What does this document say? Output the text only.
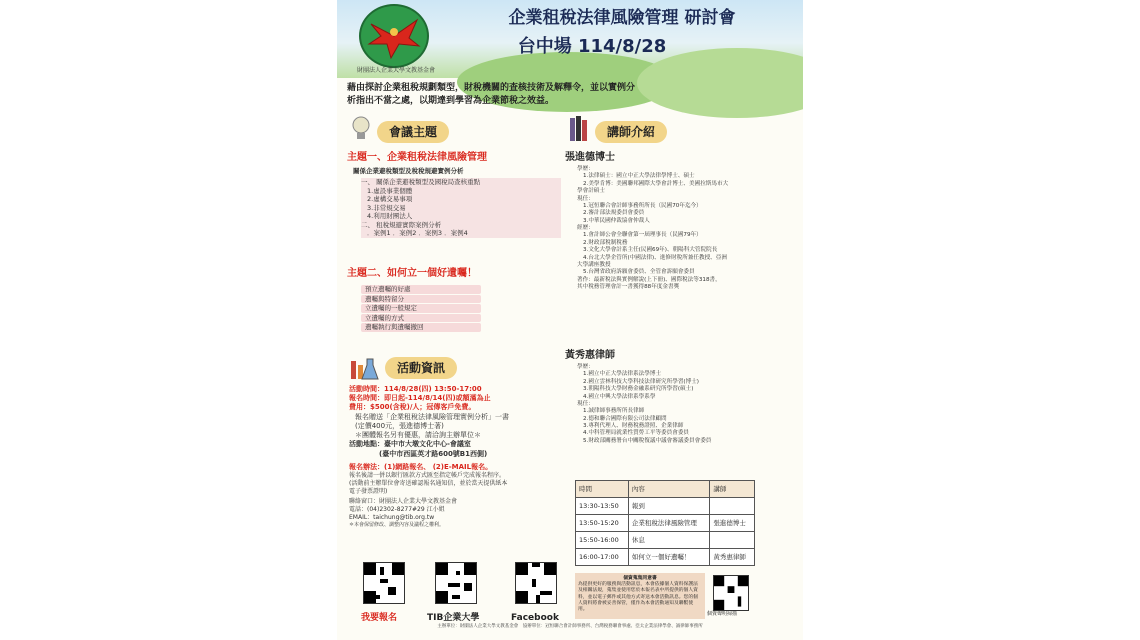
財團法人企業大學文教基金會
企業租稅法律風險管理 研討會
台中場 114/8/28
藉由探討企業租稅規劃類型，財稅機關的查核技術及解釋令，並以實例分析指出不當之處，以期達到學習為企業節稅之效益。
會議主題
主題一、企業租稅法律風險管理
關係企業避稅類型及稅稅規避實例分析
一、 關係企業避稅類型及國稅局查核重點
1.虛設事業個體
2.虛構交易事項
3.非常規交易
4.利用財團法人
二、 租稅規避實際案例分析
．案例1 ．案例2 ．案例3 ．案例4
主題二、如何立一個好遺囑！
預立遺囑的好處
遺囑與特留分
立遺囑的一般規定
立遺囑的方式
遺囑執行與遺囑撤回
活動資訊
活動時間：114/8/28(四) 13:50-17:00
報名時間：即日起-114/8/14(四)或額滿為止
費用：$500(含稅)/人；冠傳客戶免費。
報名贈送「企業租稅法律風險管理實例分析」一書
(定價400元，張進德博士著)
＊團體報名另有優惠，請洽詢主辦單位＊
活動地點：臺中市大墩文化中心-會議室
(臺中市西區英才路600號B1西側)
報名辦法：(1)網路報名、 (2)E-MAIL報名。
報名後請一併以銀行匯款方式匯至指定帳戶完成報名程序。
(活動前主辦單位會寄送確認報名通知信，並於當天提供紙本
電子發票證明)
聯絡窗口：財團法人企業大學文教基金會
電話：(04)2302-8277#29 江小姐
EMAIL：taichung@tib.org.tw
＊本會保留修改、調整內容及議程之權利。
我要報名	TIB企業大學	Facebook
講師介紹
張進德博士
學歷：
1.法律碩士：國立中正大學法律學博士、碩士
2.美學肯博：美國聯邦國際大學會計博士、美國拉斯馬市大
學會計碩士
現任：
1.冠恒聯合會計師事務所所長（民國70年迄今）
2.審計部法規委員會委員
3.中華民國仲裁協會仲裁人
經歷：
1.會計師公會全聯會第一屆理事長（民國79年）
2.財政部稅制稅務
3.文化大學會計系主任(民國69年)、朝陽科大管院院長
4.台北大學企管所(中國法律)、進修財稅所兼任教授、亞洲
大學講座教授
5.台灣省政府訴願會委員、全管會訴願會委員
著作：最新稅法與實例解說(上下冊)、國際稅法等318書，
其中稅務管理會計一書獲得88年度金書獎
黃秀惠律師
學歷：
1.國立中正大學法律系法學博士
2.國立雲林科技大學科技法律研究所學習(博士)
3.朝陽科技大學財務金融系研究所學習(碩士)
4.國立中興大學法律系學系學
現任：
1.誠律師事務所所長律師
2.德和聯合國際有限公司法律顧問
3.專利代理人、財務稅務證照、企業律師
4.中科管理局就業性質勞工平等委員會委員
5.財政部關務署台中關稅復議中議會審議委員會委員
時間	內容	講師
13:30-13:50	報到	
13:50-15:20	企業租稅法律風險管理	張進德博士
15:50-16:00	休息	
16:00-17:00	如何立一個好遺囑！	黃秀惠律師
個資蒐集同意書
為提供更好的服務與活動訊息，本會依據個人資料保護法及相關法規，蒐集並使用您於本報名表中所提供的個人資料，並以電子郵件或其他方式寄送本會活動訊息。您的個人資料將會被妥善保管，僅作為本會活動通知及聯繫使用。
個資聲明掃描
主辦單位：財團法人企業大學文教基金會　協辦單位：冠恒聯合會計師事務所、台灣稅務聯會事處、亞太企業法律學會、誠律師事務所
